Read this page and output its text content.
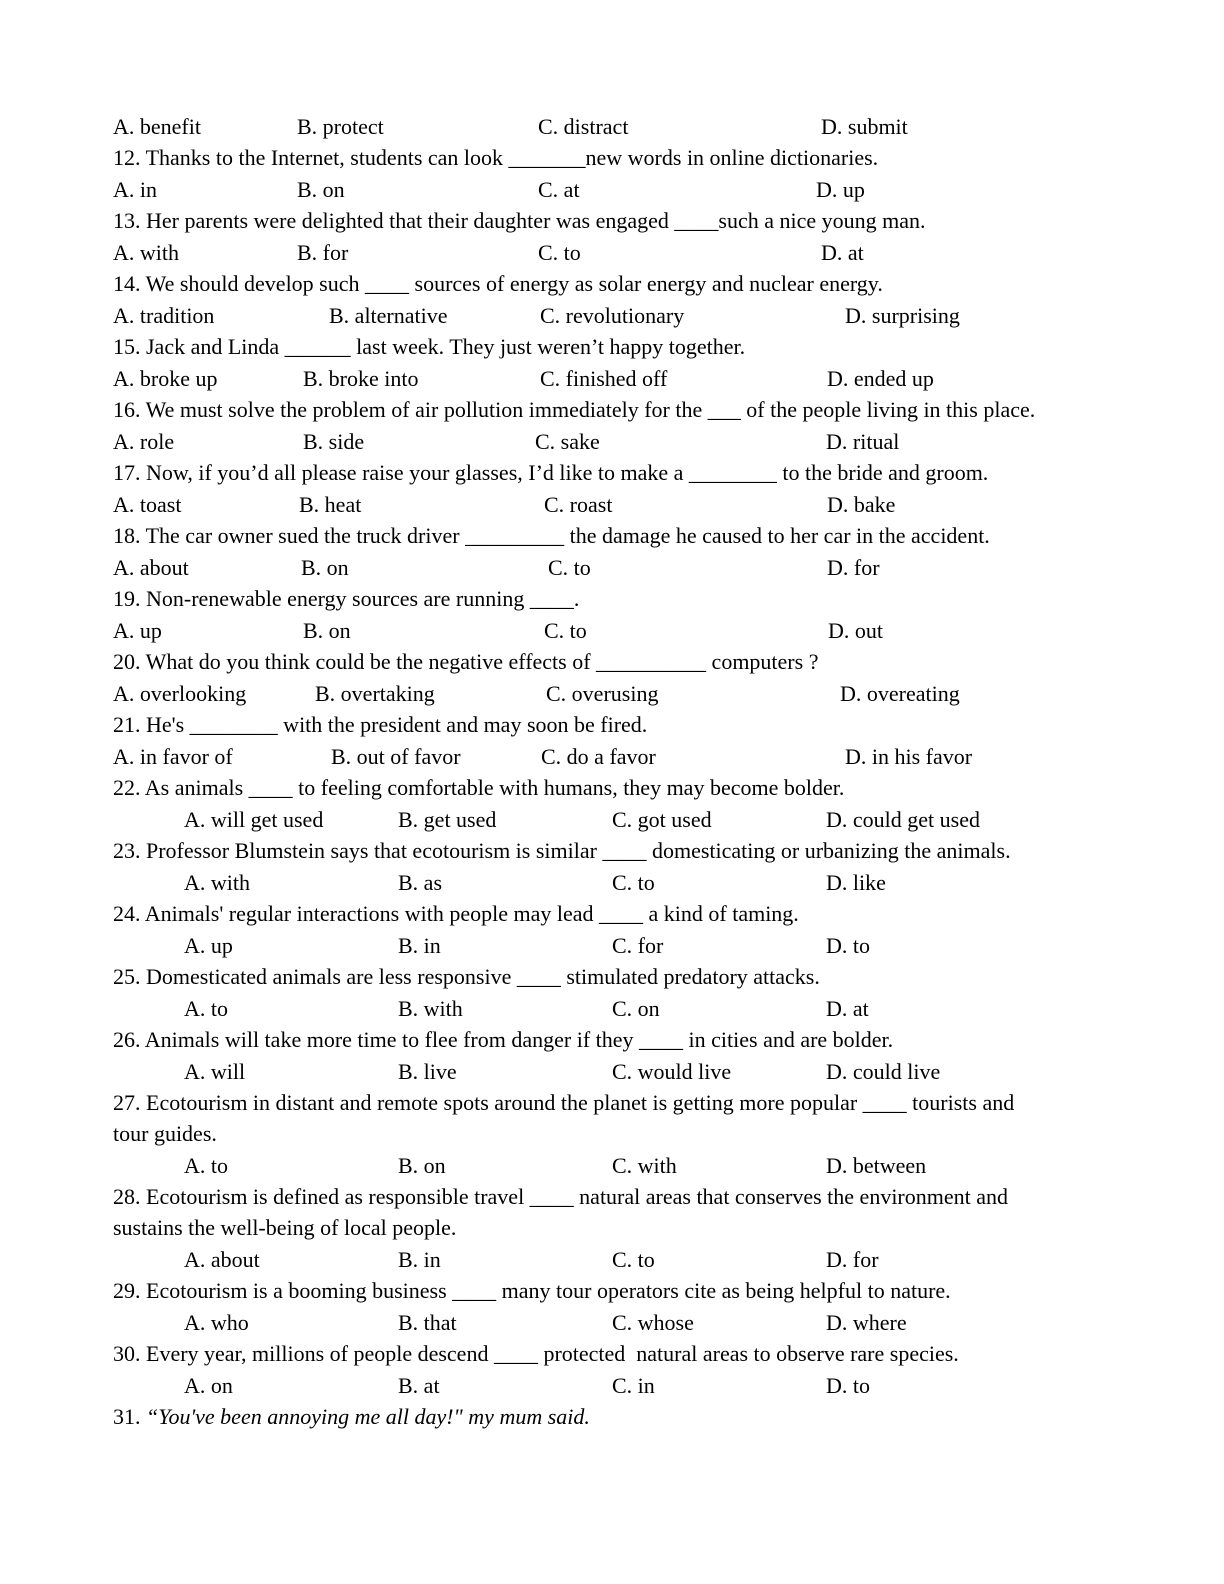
A. benefit	B. protect	C. distract	D. submit
12. Thanks to the Internet, students can look _______new words in online dictionaries.
A. in	B. on	C. at	D. up
13. Her parents were delighted that their daughter was engaged ____such a nice young man.
A. with	B. for	C. to	D. at
14. We should develop such ____ sources of energy as solar energy and nuclear energy.
A. tradition	B. alternative	C. revolutionary	D. surprising
15. Jack and Linda ______ last week. They just weren’t happy together.
A. broke up	B. broke into	C. finished off	D. ended up
16. We must solve the problem of air pollution immediately for the ___ of the people living in this place.
A. role	B. side	C. sake	D. ritual
17. Now, if you’d all please raise your glasses, I’d like to make a ________ to the bride and groom.
A. toast	B. heat	C. roast	D. bake
18. The car owner sued the truck driver _________ the damage he caused to her car in the accident.
A. about	B. on	C. to	D. for
19. Non-renewable energy sources are running ____.
A. up	B. on	C. to	D. out
20. What do you think could be the negative effects of __________ computers ?
A. overlooking	B. overtaking	C. overusing	D. overeating
21. He's ________ with the president and may soon be fired.
A. in favor of	B. out of favor	C. do a favor	D. in his favor
22. As animals ____ to feeling comfortable with humans, they may become bolder.
A. will get used	B. get used	C. got used	D. could get used
23. Professor Blumstein says that ecotourism is similar ____ domesticating or urbanizing the animals.
A. with	B. as	C. to	D. like
24. Animals' regular interactions with people may lead ____ a kind of taming.
A. up	B. in	C. for	D. to
25. Domesticated animals are less responsive ____ stimulated predatory attacks.
A. to	B. with	C. on	D. at
26. Animals will take more time to flee from danger if they ____ in cities and are bolder.
A. will	B. live	C. would live	D. could live
27. Ecotourism in distant and remote spots around the planet is getting more popular ____ tourists and
tour guides.
A. to	B. on	C. with	D. between
28. Ecotourism is defined as responsible travel ____ natural areas that conserves the environment and
sustains the well-being of local people.
A. about	B. in	C. to	D. for
29. Ecotourism is a booming business ____ many tour operators cite as being helpful to nature.
A. who	B. that	C. whose	D. where
30. Every year, millions of people descend ____ protected  natural areas to observe rare species.
A. on	B. at	C. in	D. to
31. “You've been annoying me all day!" my mum said.
